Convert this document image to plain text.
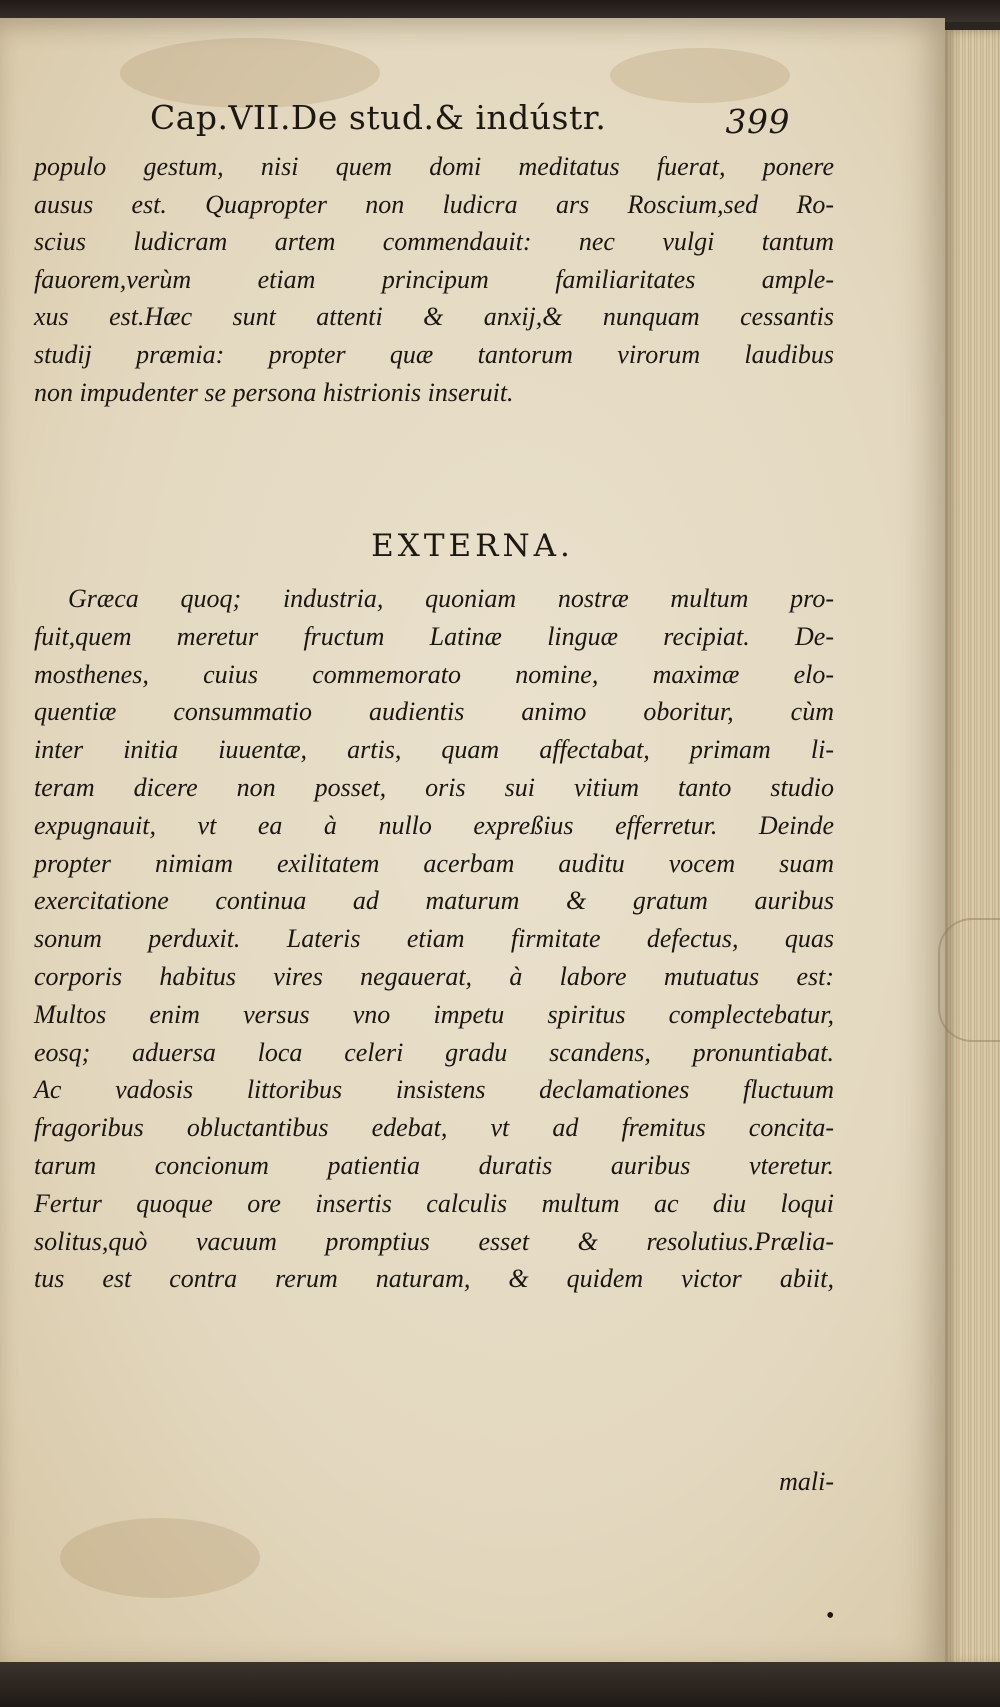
Cap.VII.De stud.& indústr.	399
populo gestum, nisi quem domi meditatus fuerat, ponere
ausus est. Quapropter non ludicra ars Roscium,sed Ro-
scius ludicram artem commendauit: nec vulgi tantum
fauorem,verùm etiam principum familiaritates ample-
xus est.Hæc sunt attenti & anxij,& nunquam cessantis
studij præmia: propter quæ tantorum virorum laudibus
non impudenter se persona histrionis inseruit.
EXTERNA.
Græca quoq; industria, quoniam nostræ multum pro-
fuit,quem meretur fructum Latinæ linguæ recipiat. De-
mosthenes, cuius commemorato nomine, maximæ elo-
quentiæ consummatio audientis animo oboritur, cùm
inter initia iuuentæ, artis, quam affectabat, primam li-
teram dicere non posset, oris sui vitium tanto studio
expugnauit, vt ea à nullo expreßius efferretur. Deinde
propter nimiam exilitatem acerbam auditu vocem suam
exercitatione continua ad maturum & gratum auribus
sonum perduxit. Lateris etiam firmitate defectus, quas
corporis habitus vires negauerat, à labore mutuatus est:
Multos enim versus vno impetu spiritus complectebatur,
eosq; aduersa loca celeri gradu scandens, pronuntiabat.
Ac vadosis littoribus insistens declamationes fluctuum
fragoribus obluctantibus edebat, vt ad fremitus concita-
tarum concionum patientia duratis auribus vteretur.
Fertur quoque ore insertis calculis multum ac diu loqui
solitus,quò vacuum promptius esset & resolutius.Prælia-
tus est contra rerum naturam, & quidem victor abiit,
mali-
•
